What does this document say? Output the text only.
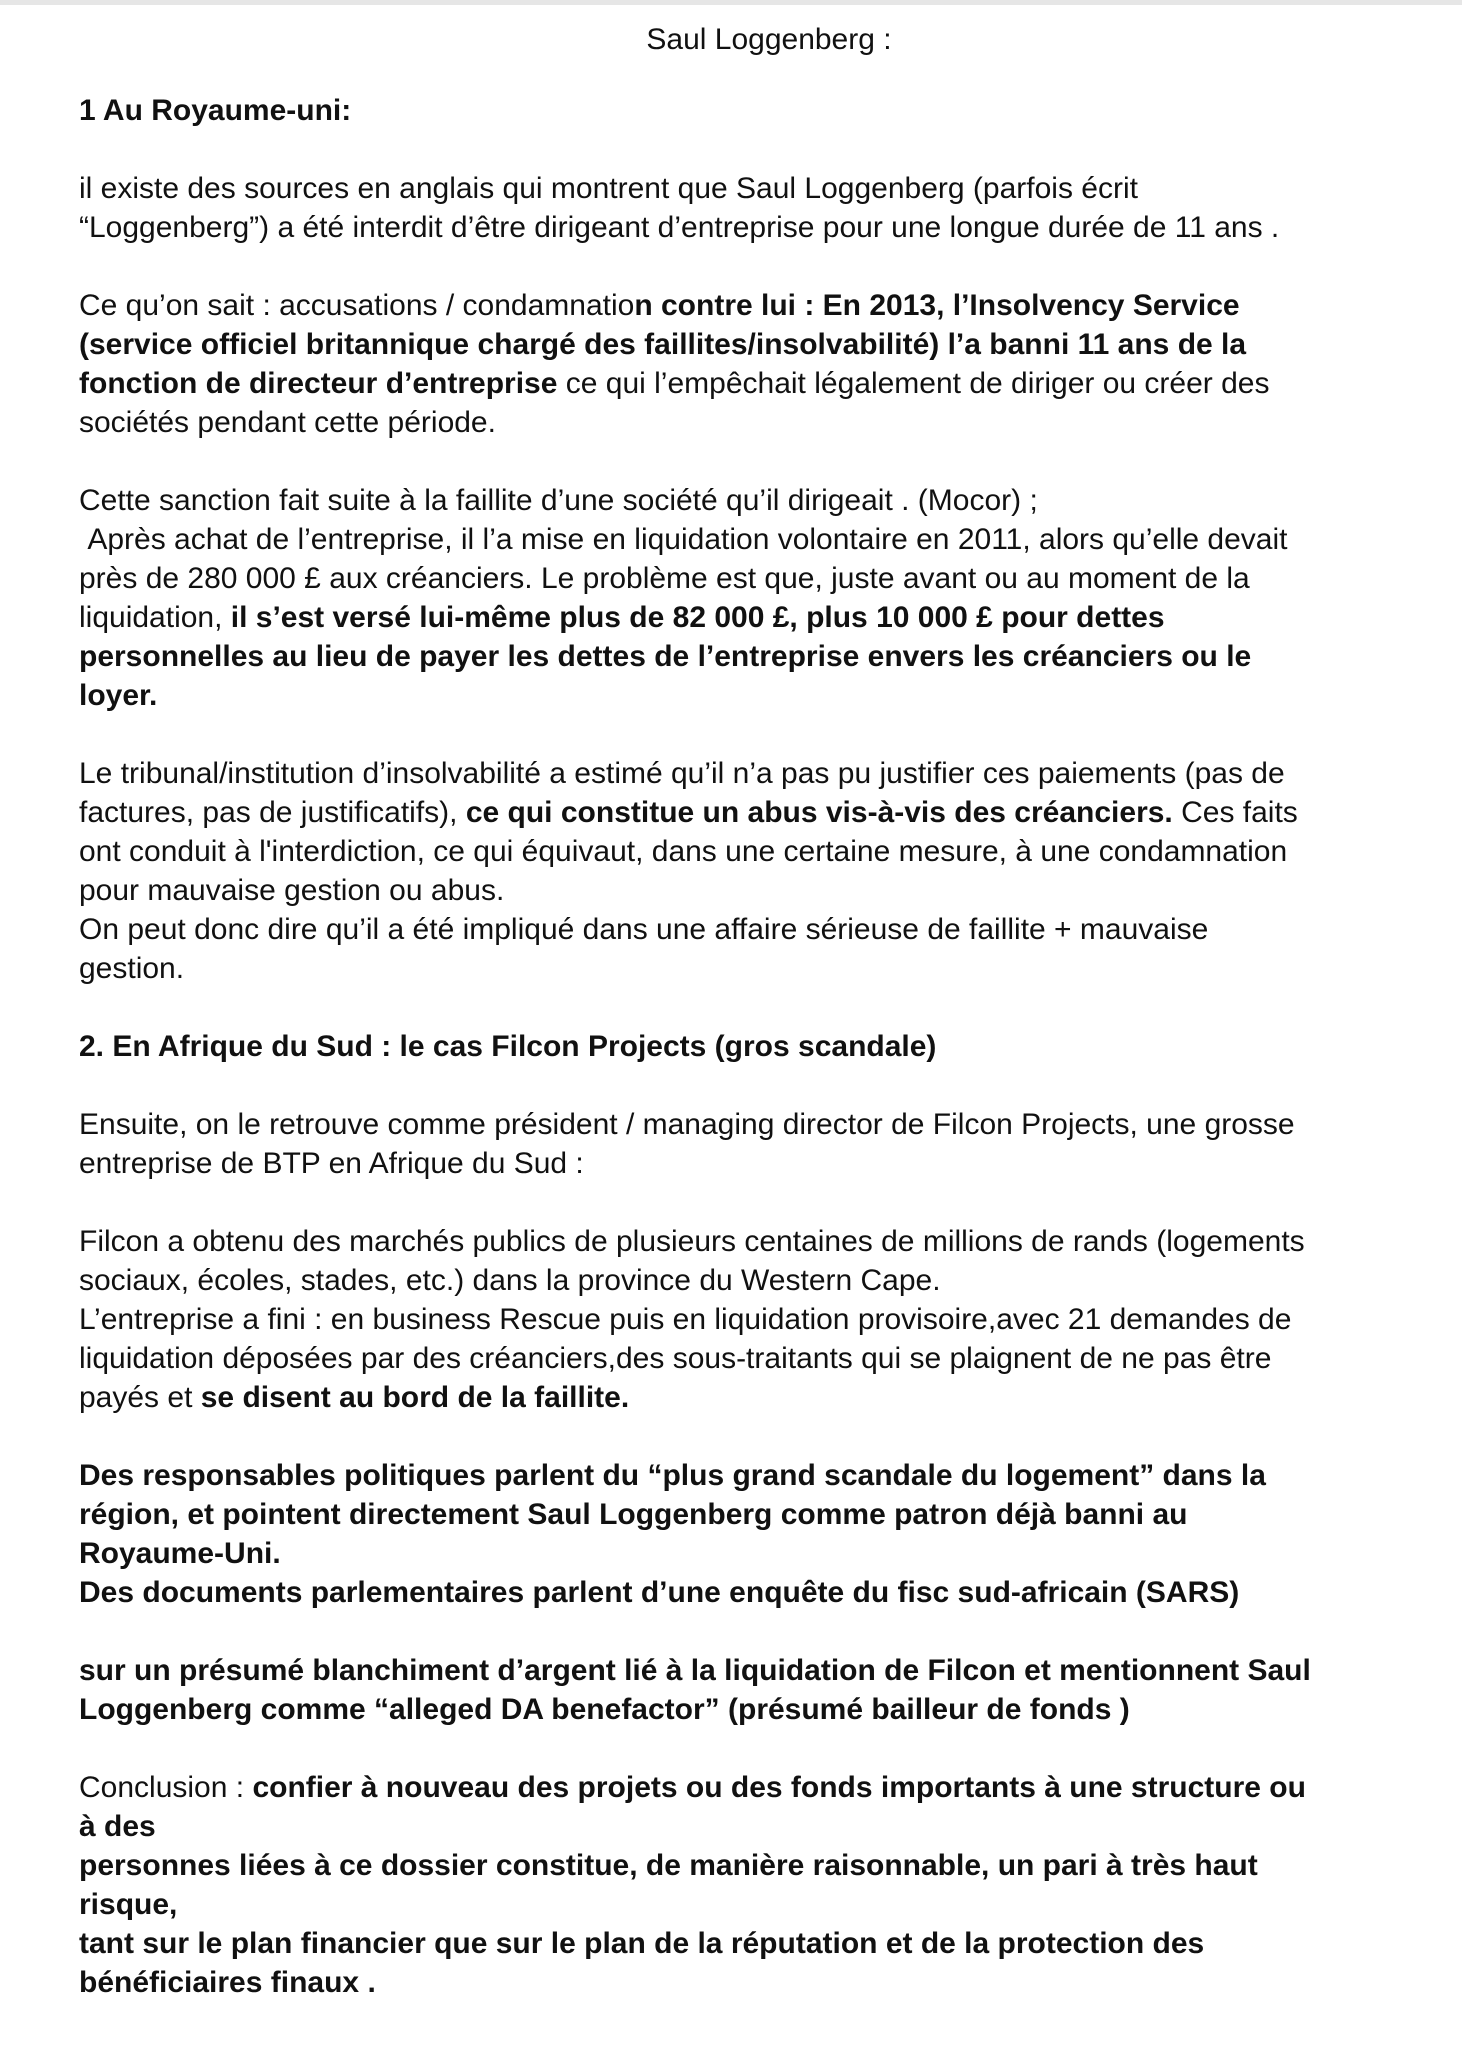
Saul Loggenberg :

1 Au Royaume-uni:

il existe des sources en anglais qui montrent que Saul Loggenberg (parfois écrit
“Loggenberg”) a été interdit d’être dirigeant d’entreprise pour une longue durée de 11 ans .

Ce qu’on sait : accusations / condamnation contre lui : En 2013, l’Insolvency Service
(service officiel britannique chargé des faillites/insolvabilité) l’a banni 11 ans de la
fonction de directeur d’entreprise ce qui l’empêchait légalement de diriger ou créer des
sociétés pendant cette période.

Cette sanction fait suite à la faillite d’une société qu’il dirigeait . (Mocor) ;
Après achat de l’entreprise, il l’a mise en liquidation volontaire en 2011, alors qu’elle devait
près de 280 000 £ aux créanciers. Le problème est que, juste avant ou au moment de la
liquidation, il s’est versé lui-même plus de 82 000 £, plus 10 000 £ pour dettes
personnelles au lieu de payer les dettes de l’entreprise envers les créanciers ou le
loyer.

Le tribunal/institution d’insolvabilité a estimé qu’il n’a pas pu justifier ces paiements (pas de
factures, pas de justificatifs), ce qui constitue un abus vis-à-vis des créanciers. Ces faits
ont conduit à l'interdiction, ce qui équivaut, dans une certaine mesure, à une condamnation
pour mauvaise gestion ou abus.
On peut donc dire qu’il a été impliqué dans une affaire sérieuse de faillite + mauvaise
gestion.

2. En Afrique du Sud : le cas Filcon Projects (gros scandale)

Ensuite, on le retrouve comme président / managing director de Filcon Projects, une grosse
entreprise de BTP en Afrique du Sud :

Filcon a obtenu des marchés publics de plusieurs centaines de millions de rands (logements
sociaux, écoles, stades, etc.) dans la province du Western Cape.
L’entreprise a fini : en business Rescue puis en liquidation provisoire,avec 21 demandes de
liquidation déposées par des créanciers,des sous-traitants qui se plaignent de ne pas être
payés et se disent au bord de la faillite.

Des responsables politiques parlent du “plus grand scandale du logement” dans la
région, et pointent directement Saul Loggenberg comme patron déjà banni au
Royaume-Uni.
Des documents parlementaires parlent d’une enquête du fisc sud-africain (SARS)

sur un présumé blanchiment d’argent lié à la liquidation de Filcon et mentionnent Saul
Loggenberg comme “alleged DA benefactor” (présumé bailleur de fonds )

Conclusion : confier à nouveau des projets ou des fonds importants à une structure ou
à des
personnes liées à ce dossier constitue, de manière raisonnable, un pari à très haut
risque,
tant sur le plan financier que sur le plan de la réputation et de la protection des
bénéficiaires finaux .
